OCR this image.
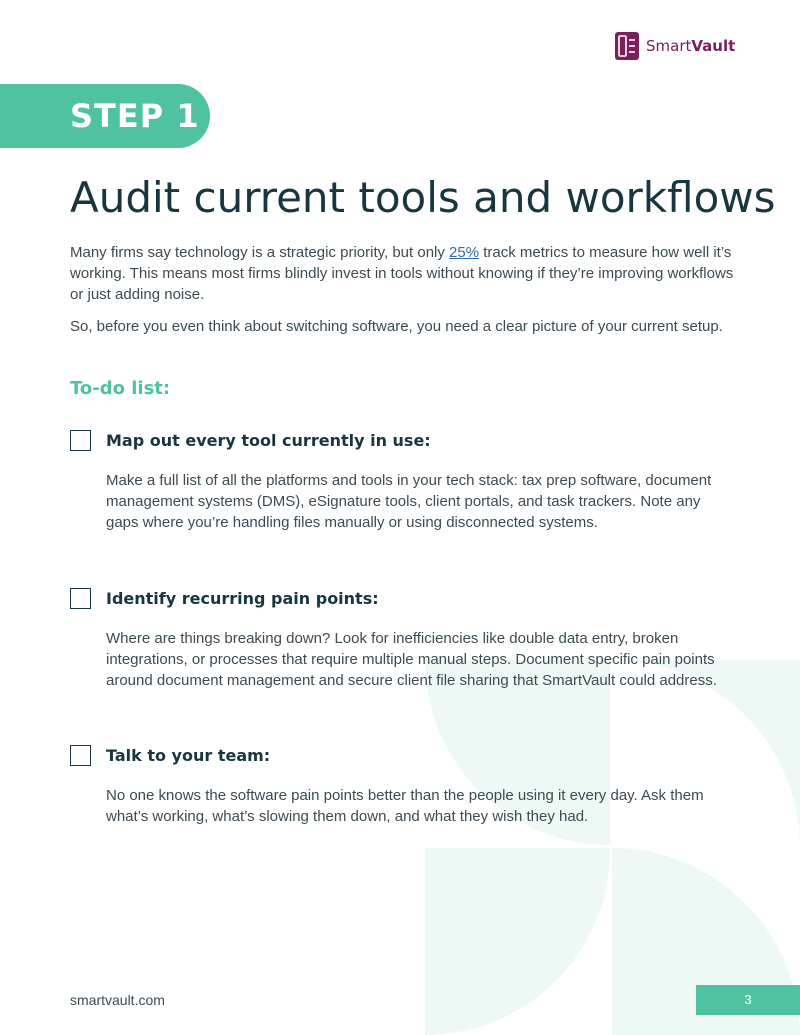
SmartVault
STEP 1
Audit current tools and workflows

Many firms say technology is a strategic priority, but only 25% track metrics to measure how well it’s working. This means most firms blindly invest in tools without knowing if they’re improving workflows or just adding noise.

So, before you even think about switching software, you need a clear picture of your current setup.

To-do list:
Map out every tool currently in use:

Make a full list of all the platforms and tools in your tech stack: tax prep software, document management systems (DMS), eSignature tools, client portals, and task trackers. Note any gaps where you’re handling files manually or using disconnected systems.

Identify recurring pain points:

Where are things breaking down? Look for inefficiencies like double data entry, broken integrations, or processes that require multiple manual steps. Document specific pain points around document management and secure client file sharing that SmartVault could address.

Talk to your team:

No one knows the software pain points better than the people using it every day. Ask them what’s working, what’s slowing them down, and what they wish they had.

smartvault.com	3
